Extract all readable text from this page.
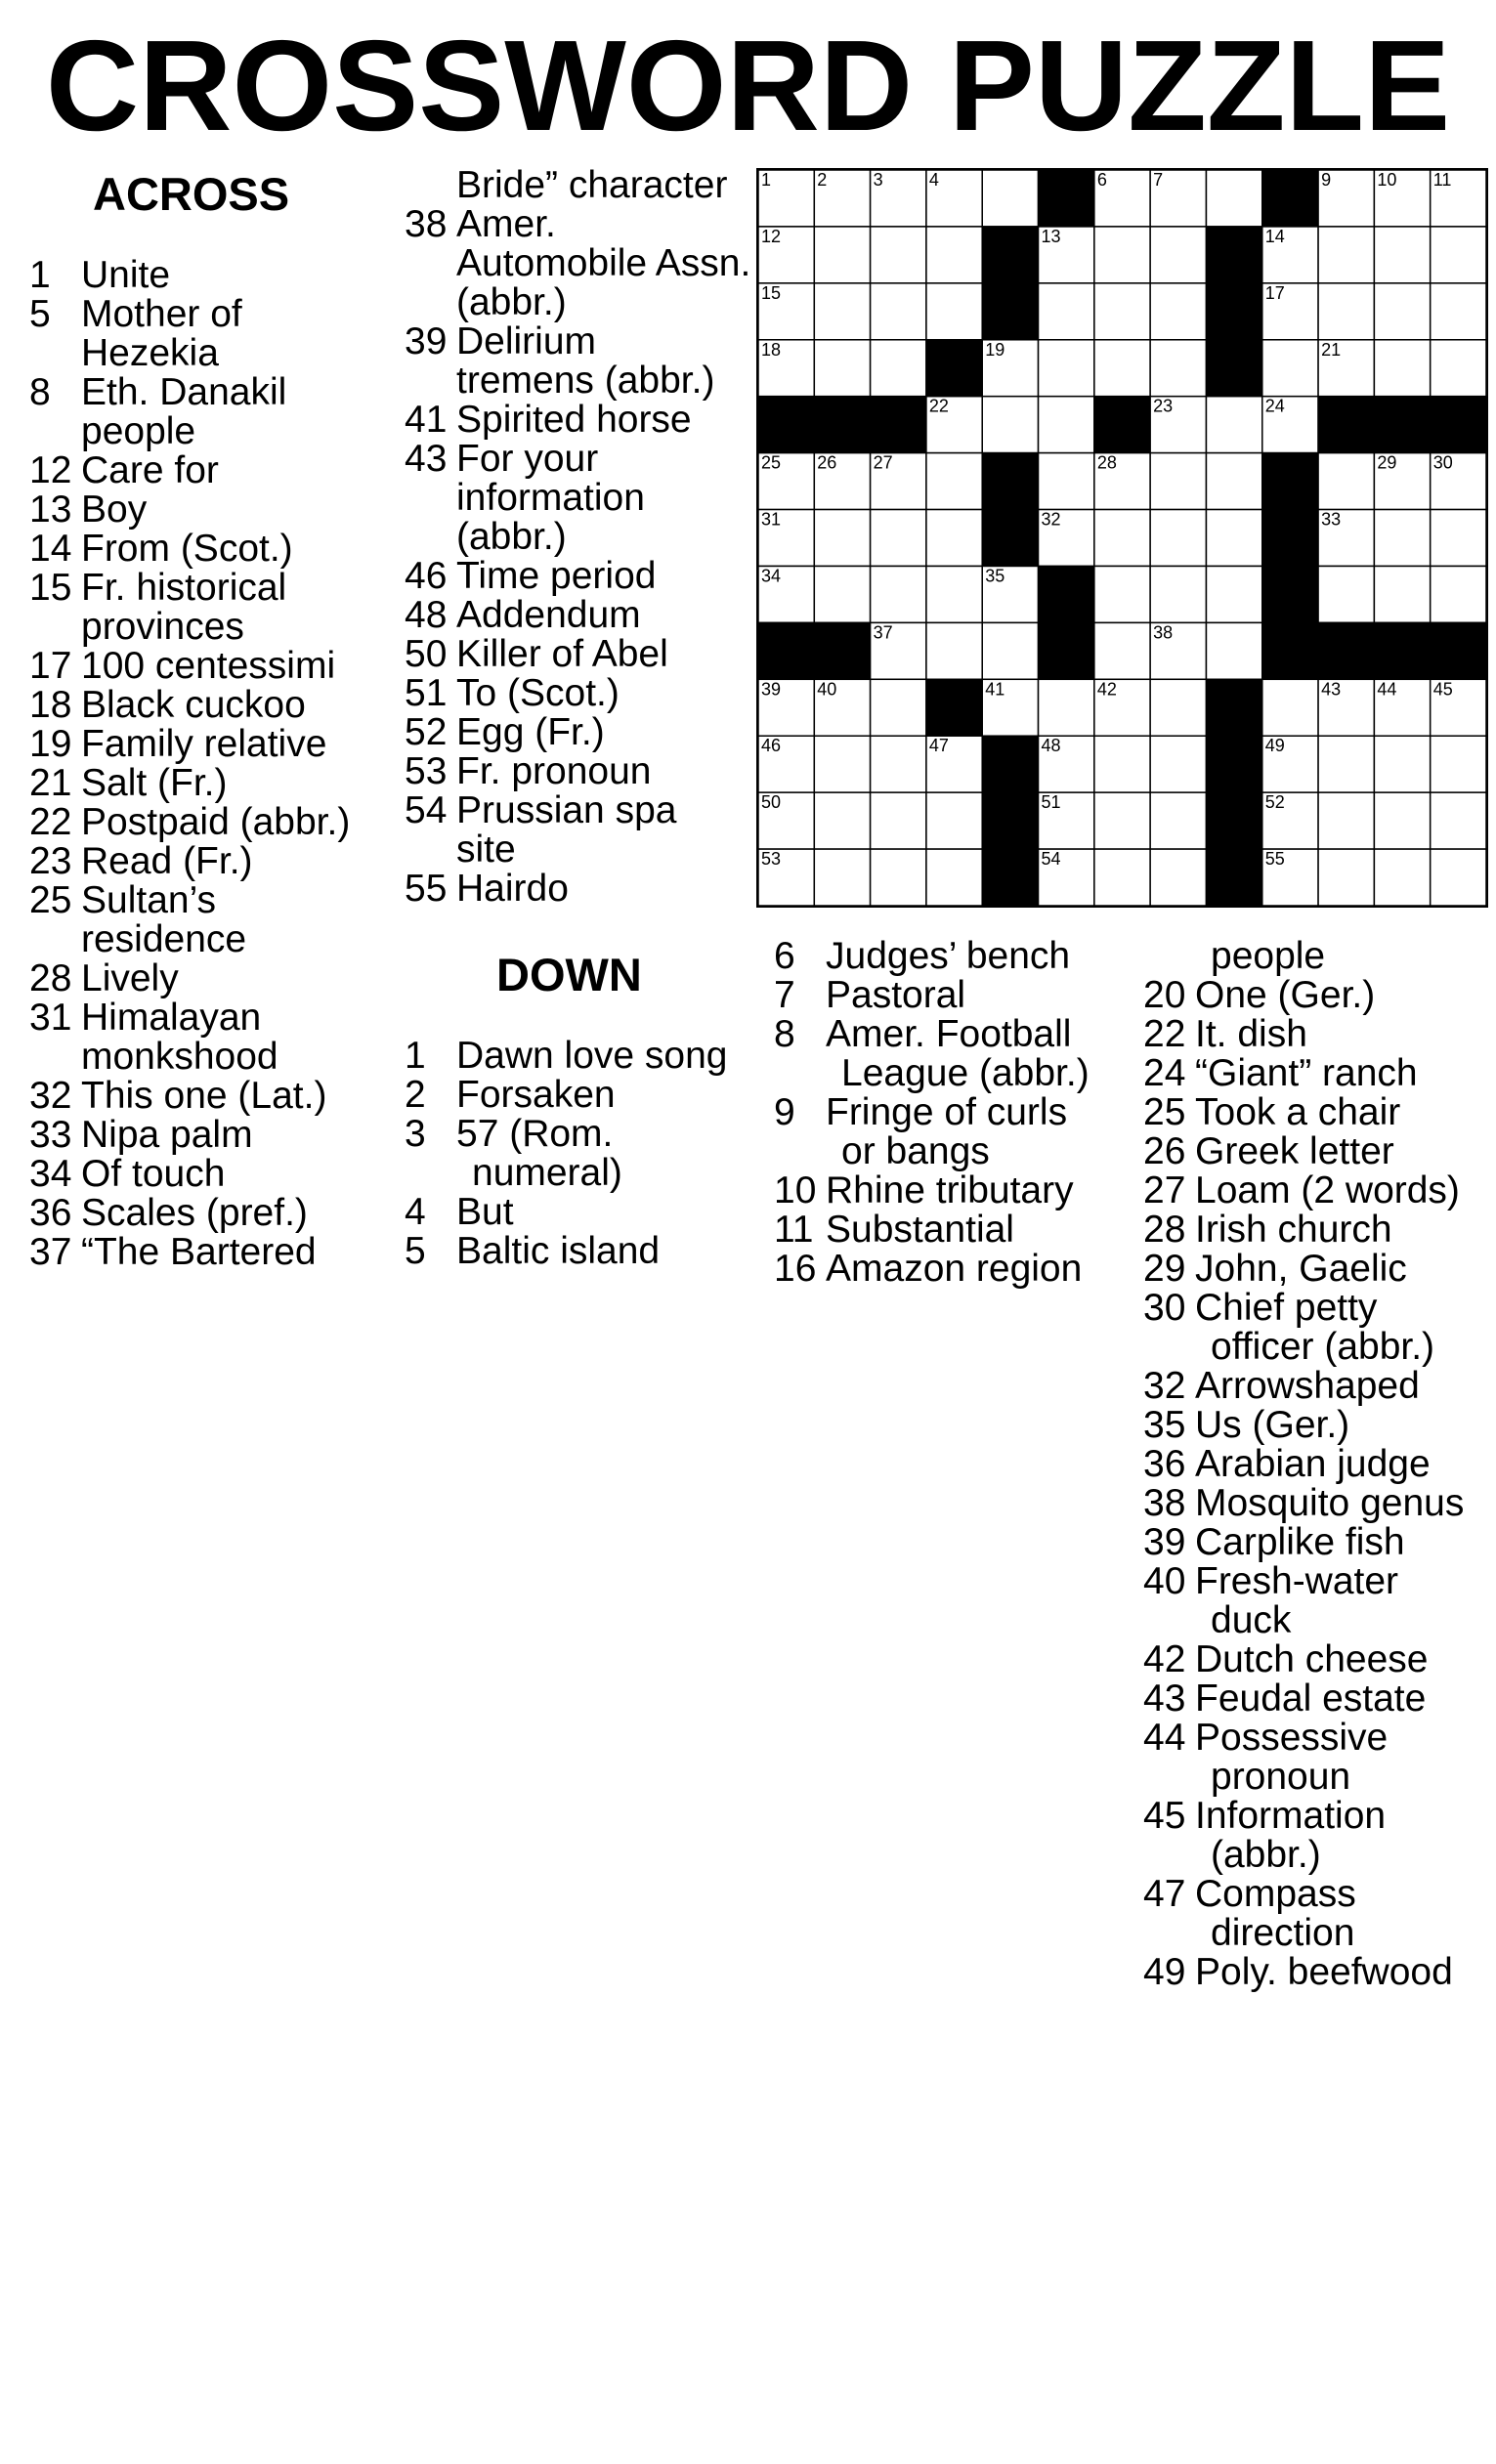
CROSSWORD PUZZLE
ACROSS
DOWN
1 Unite
5 Mother of
Hezekia
8 Eth. Danakil
people
12 Care for
13 Boy
14 From (Scot.)
15 Fr. historical
provinces
17 100 centessimi
18 Black cuckoo
19 Family relative
21 Salt (Fr.)
22 Postpaid (abbr.)
23 Read (Fr.)
25 Sultan’s
residence
28 Lively
31 Himalayan
monkshood
32 This one (Lat.)
33 Nipa palm
34 Of touch
36 Scales (pref.)
37 “The Bartered
Bride” character
38 Amer.
Automobile Assn.
(abbr.)
39 Delirium
tremens (abbr.)
41 Spirited horse
43 For your
information (abbr.)
46 Time period
48 Addendum
50 Killer of Abel
51 To (Scot.)
52 Egg (Fr.)
53 Fr. pronoun
54 Prussian spa
site
55 Hairdo
1 Dawn love song
2 Forsaken
3 57 (Rom.
numeral)
4 But
5 Baltic island
6 Judges’ bench
7 Pastoral
8 Amer. Football
League (abbr.)
9 Fringe of curls
or bangs
10 Rhine tributary
11 Substantial
16 Amazon region
people
20 One (Ger.)
22 It. dish
24 “Giant” ranch
25 Took a chair
26 Greek letter
27 Loam (2 words)
28 Irish church
29 John, Gaelic
30 Chief petty
officer (abbr.)
32 Arrowshaped
35 Us (Ger.)
36 Arabian judge
38 Mosquito genus
39 Carplike fish
40 Fresh-water
duck
42 Dutch cheese
43 Feudal estate
44 Possessive
pronoun
45 Information
(abbr.)
47 Compass
direction
49 Poly. beefwood
1	2	3	4	6	7	9	10 11
12	13	14
15	17
18	19	21
22	23	24
25 26 27	28	29 30
31	32	33
34	35
37	38
39 40	41	42	43 44 45
46	47	48	49
50	51	52
53	54	55
